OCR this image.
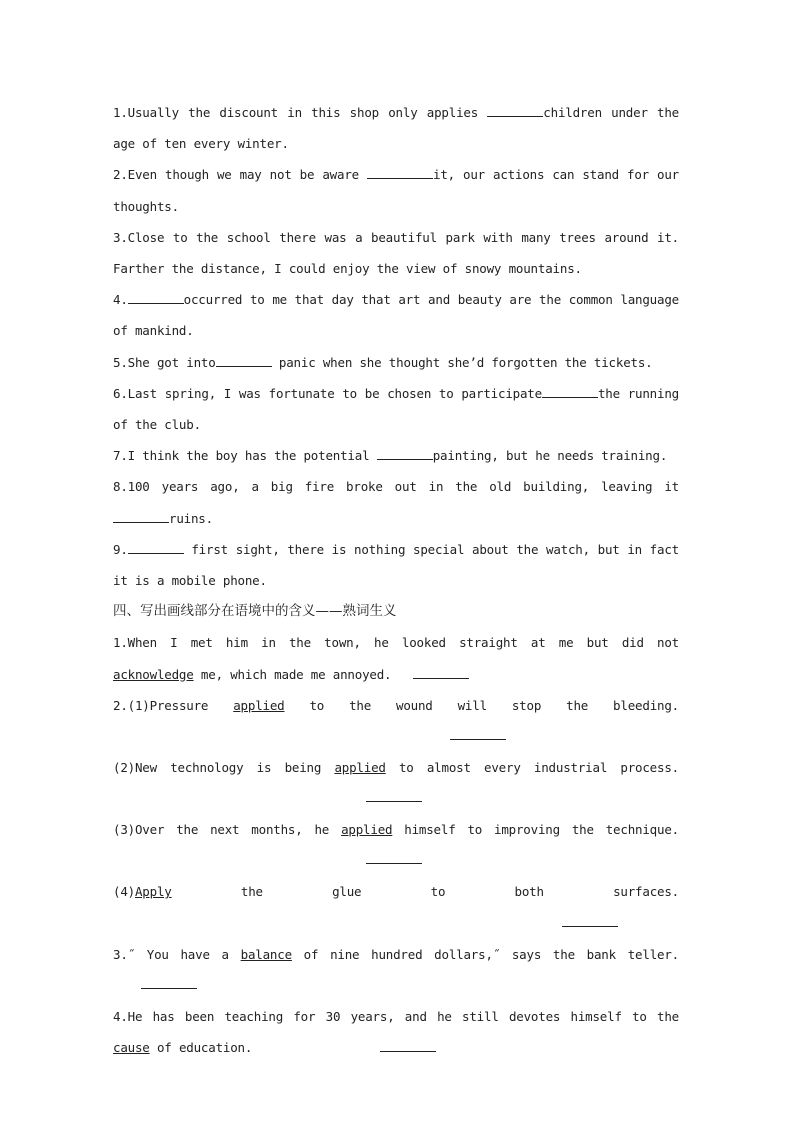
1.Usually the discount in this shop only applies	children under the age of ten every winter.
2.Even though we may not be aware	it, our actions can stand for our thoughts.
3.Close to the school there was a beautiful park with many trees around it. Farther the distance, I could enjoy the view of snowy mountains.
4.	occurred to me that day that art and beauty are the common language of mankind.
5.She got into	panic when she thought she’d forgotten the tickets.
6.Last spring, I was fortunate to be chosen to participate	the running of the club.
7.I think the boy has the potential	painting, but he needs training.
8.100 years ago, a big fire broke out in the old building, leaving it ruins.
9.	first sight, there is nothing special about the watch, but in fact it is a mobile phone.
四、写出画线部分在语境中的含义——熟词生义
1.When I met him in the town, he looked straight at me but did not acknowledge me, which made me annoyed.
2.(1)Pressure applied to the wound will stop the bleeding.
(2)New technology is being applied to almost every industrial process.
(3)Over the next months, he applied himself to improving the technique.
(4)Apply the glue to both surfaces.
3.˝ You have a balance of nine hundred dollars,˝ says the bank teller.
4.He has been teaching for 30 years, and he still devotes himself to the cause of education.
